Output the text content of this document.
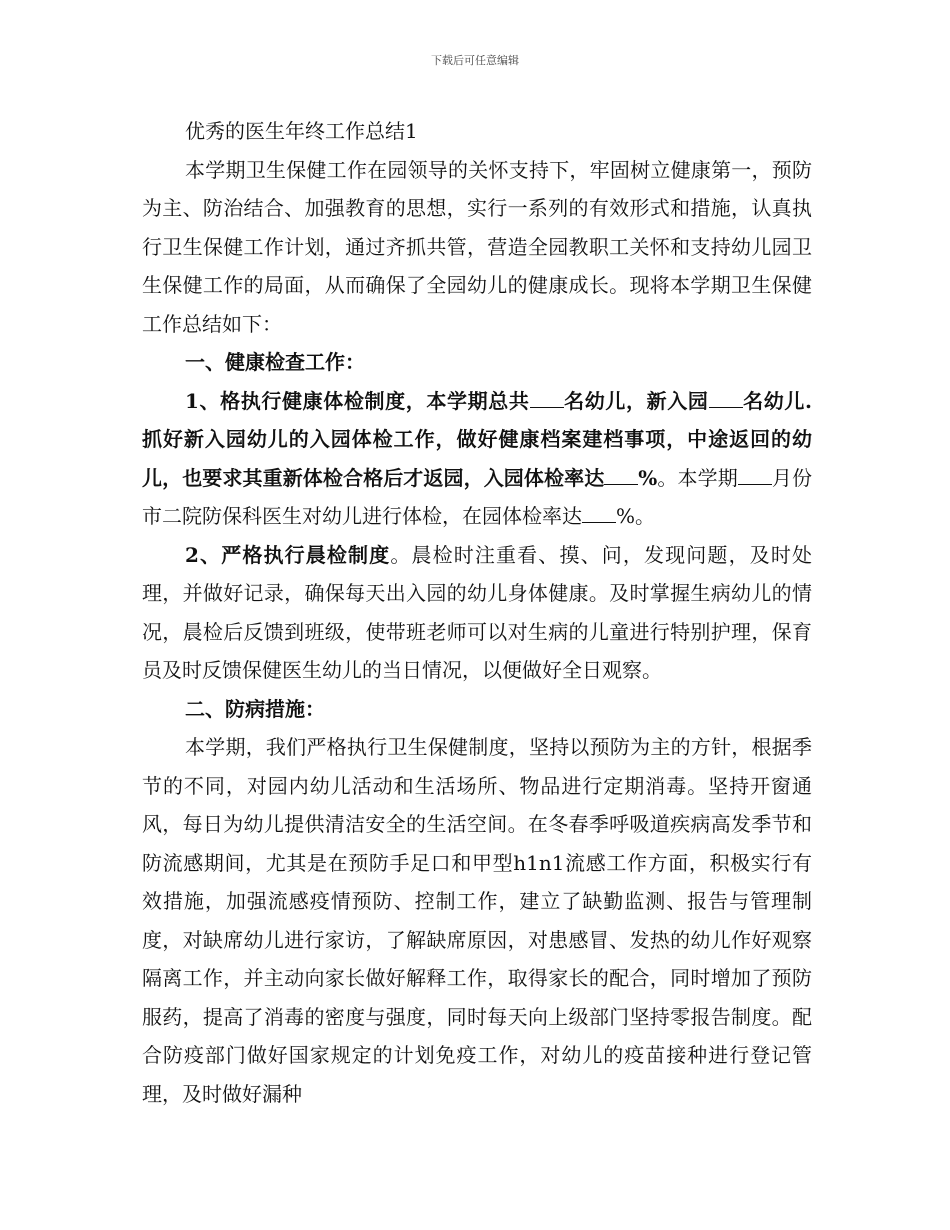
下载后可任意编辑

优秀的医生年终工作总结1

本学期卫生保健工作在园领导的关怀支持下，牢固树立健康第一，预防为主、防治结合、加强教育的思想，实行一系列的有效形式和措施，认真执行卫生保健工作计划，通过齐抓共管，营造全园教职工关怀和支持幼儿园卫生保健工作的局面，从而确保了全园幼儿的健康成长。现将本学期卫生保健工作总结如下：

一、健康检查工作：

1、格执行健康体检制度，本学期总共 名幼儿，新入园 名幼儿.抓好新入园幼儿的入园体检工作，做好健康档案建档事项，中途返回的幼儿，也要求其重新体检合格后才返园，入园体检率达 %。本学期 月份市二院防保科医生对幼儿进行体检，在园体检率达 %。

2、严格执行晨检制度。晨检时注重看、摸、问，发现问题，及时处理，并做好记录，确保每天出入园的幼儿身体健康。及时掌握生病幼儿的情况，晨检后反馈到班级，使带班老师可以对生病的儿童进行特别护理，保育员及时反馈保健医生幼儿的当日情况，以便做好全日观察。

二、防病措施：

本学期，我们严格执行卫生保健制度，坚持以预防为主的方针，根据季节的不同，对园内幼儿活动和生活场所、物品进行定期消毒。坚持开窗通风，每日为幼儿提供清洁安全的生活空间。在冬春季呼吸道疾病高发季节和防流感期间，尤其是在预防手足口和甲型h1n1流感工作方面，积极实行有效措施，加强流感疫情预防、控制工作，建立了缺勤监测、报告与管理制度，对缺席幼儿进行家访，了解缺席原因，对患感冒、发热的幼儿作好观察隔离工作，并主动向家长做好解释工作，取得家长的配合，同时增加了预防服药，提高了消毒的密度与强度，同时每天向上级部门坚持零报告制度。配合防疫部门做好国家规定的计划免疫工作，对幼儿的疫苗接种进行登记管理，及时做好漏种
